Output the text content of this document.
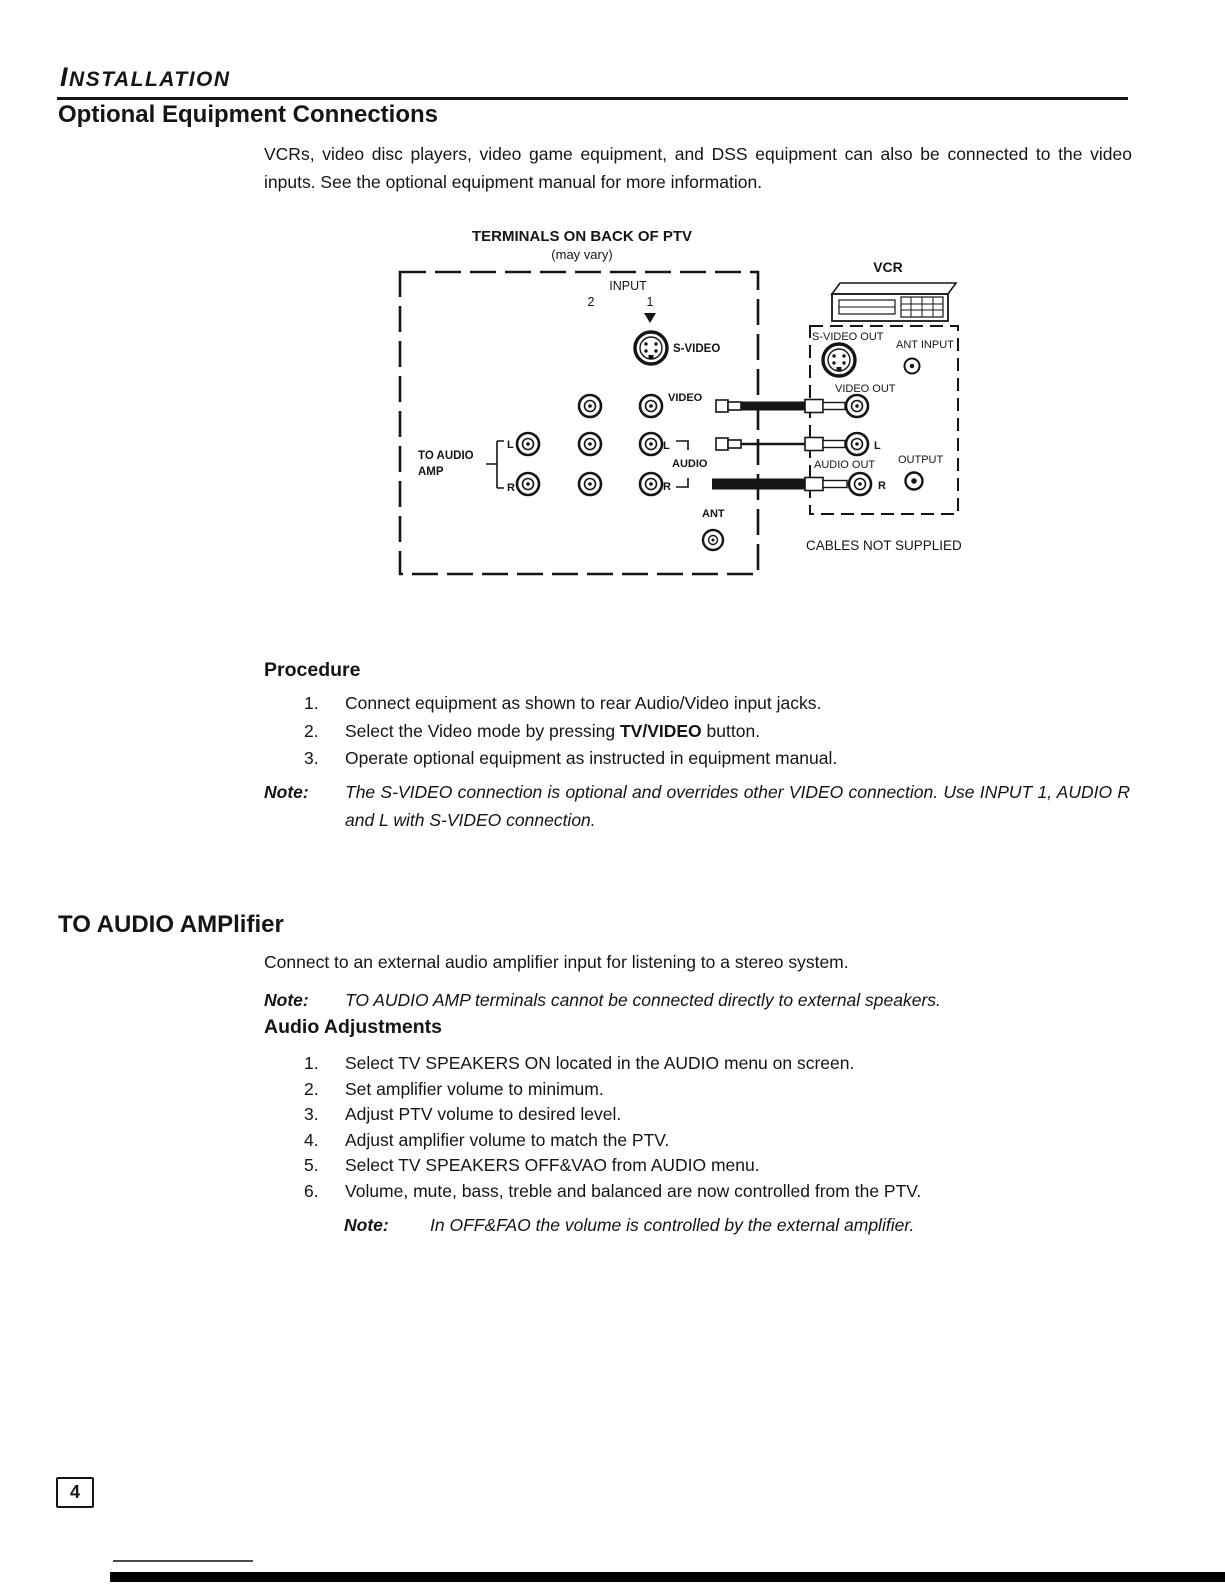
INSTALLATION
Optional Equipment Connections

VCRs, video disc players, video game equipment, and DSS equipment can also be connected to the video inputs. See the optional equipment manual for more information.

TERMINALS ON BACK OF PTV
(may vary)
VCR
INPUT
2	1
S-VIDEO
VIDEO
L
R
AUDIO
TO AUDIO
AMP
L
R
ANT
S-VIDEO OUT
ANT INPUT
VIDEO OUT
L
AUDIO OUT OUTPUT
R
CABLES NOT SUPPLIED
Procedure
1.	Connect equipment as shown to rear Audio/Video input jacks.
2.	Select the Video mode by pressing TV/VIDEO button.
3.	Operate optional equipment as instructed in equipment manual.
Note:	The S-VIDEO connection is optional and overrides other VIDEO connection. Use INPUT 1, AUDIO R and L with S-VIDEO connection.
TO AUDIO AMPlifier

Connect to an external audio amplifier input for listening to a stereo system.

Note:	TO AUDIO AMP terminals cannot be connected directly to external speakers.
Audio Adjustments
1.	Select TV SPEAKERS ON located in the AUDIO menu on screen.
2.	Set amplifier volume to minimum.
3.	Adjust PTV volume to desired level.
4.	Adjust amplifier volume to match the PTV.
5.	Select TV SPEAKERS OFF&VAO from AUDIO menu.
6.	Volume, mute, bass, treble and balanced are now controlled from the PTV.
Note:	In OFF&FAO the volume is controlled by the external amplifier.
4
